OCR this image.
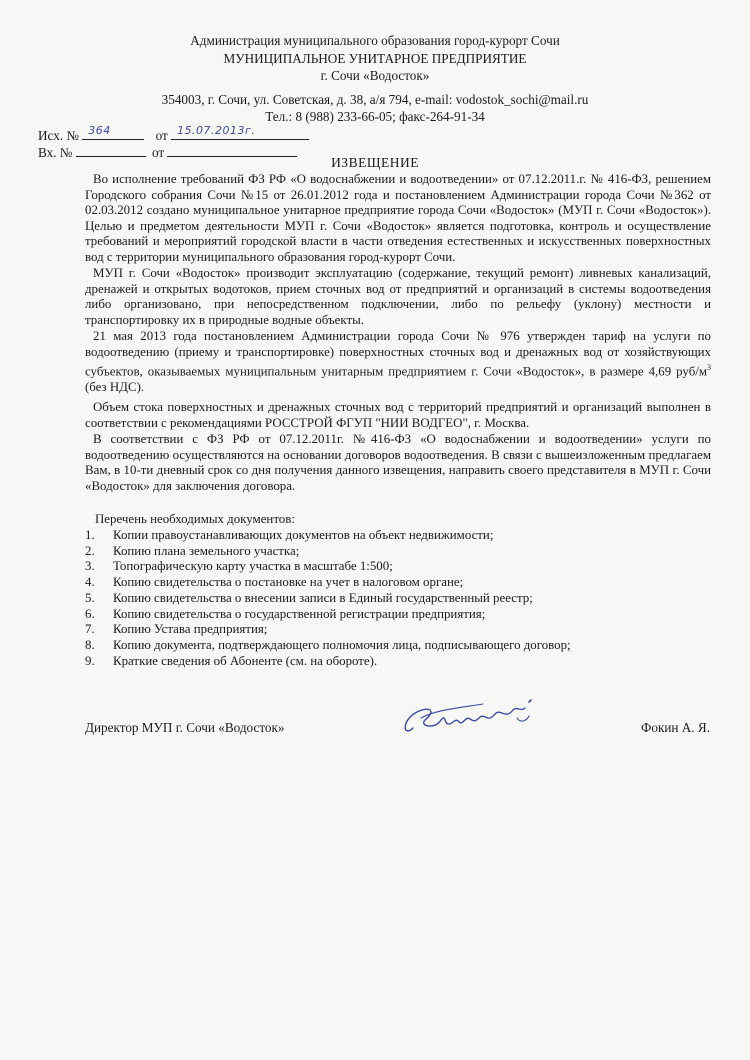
Администрация муниципального образования город-курорт Сочи
МУНИЦИПАЛЬНОЕ УНИТАРНОЕ ПРЕДПРИЯТИЕ
г. Сочи «Водосток»
354003, г. Сочи, ул. Советская, д. 38, а/я 794, e-mail: vodostok_sochi@mail.ru
Тел.: 8 (988) 233-66-05; факс-264-91-34
Исх. № 364	от 15.07.2013г.
Вх. №	от
ИЗВЕЩЕНИЕ

Во исполнение требований ФЗ РФ «О водоснабжении и водоотведении» от 07.12.2011.г. № 416-ФЗ, решением Городского собрания Сочи №15 от 26.01.2012 года и постановлением Администрации города Сочи №362 от 02.03.2012 создано муниципальное унитарное предприятие города Сочи «Водосток» (МУП г. Сочи «Водосток»). Целью и предметом деятельности МУП г. Сочи «Водосток» является подготовка, контроль и осуществление требований и мероприятий городской власти в части отведения естественных и искусственных поверхностных вод с территории муниципального образования город-курорт Сочи.

МУП г. Сочи «Водосток» производит эксплуатацию (содержание, текущий ремонт) ливневых канализаций, дренажей и открытых водотоков, прием сточных вод от предприятий и организаций в системы водоотведения либо организовано, при непосредственном подключении, либо по рельефу (уклону) местности и транспортировку их в природные водные объекты.

21 мая 2013 года постановлением Администрации города Сочи № 976 утвержден тариф на услуги по водоотведению (приему и транспортировке) поверхностных сточных вод и дренажных вод от хозяйствующих субъектов, оказываемых муниципальным унитарным предприятием г. Сочи «Водосток», в размере 4,69 руб/$м^3$ (без НДС).

Объем стока поверхностных и дренажных сточных вод с территорий предприятий и организаций выполнен в соответствии с рекомендациями РОССТРОЙ ФГУП "НИИ ВОДГЕО", г. Москва.

В соответствии с ФЗ РФ от 07.12.2011г. №416-ФЗ «О водоснабжении и водоотведении» услуги по водоотведению осуществляются на основании договоров водоотведения. В связи с вышеизложенным предлагаем Вам, в 10-ти дневный срок со дня получения данного извещения, направить своего представителя в МУП г. Сочи «Водосток» для заключения договора.

Перечень необходимых документов:
1. Копии правоустанавливающих документов на объект недвижимости;
2. Копию плана земельного участка;
3. Топографическую карту участка в масштабе 1:500;
4. Копию свидетельства о постановке на учет в налоговом органе;
5. Копию свидетельства о внесении записи в Единый государственный реестр;
6. Копию свидетельства о государственной регистрации предприятия;
7. Копию Устава предприятия;
8. Копию документа, подтверждающего полномочия лица, подписывающего договор;
9. Краткие сведения об Абоненте (см. на обороте).
Директор МУП г. Сочи «Водосток»	Фокин А. Я.
